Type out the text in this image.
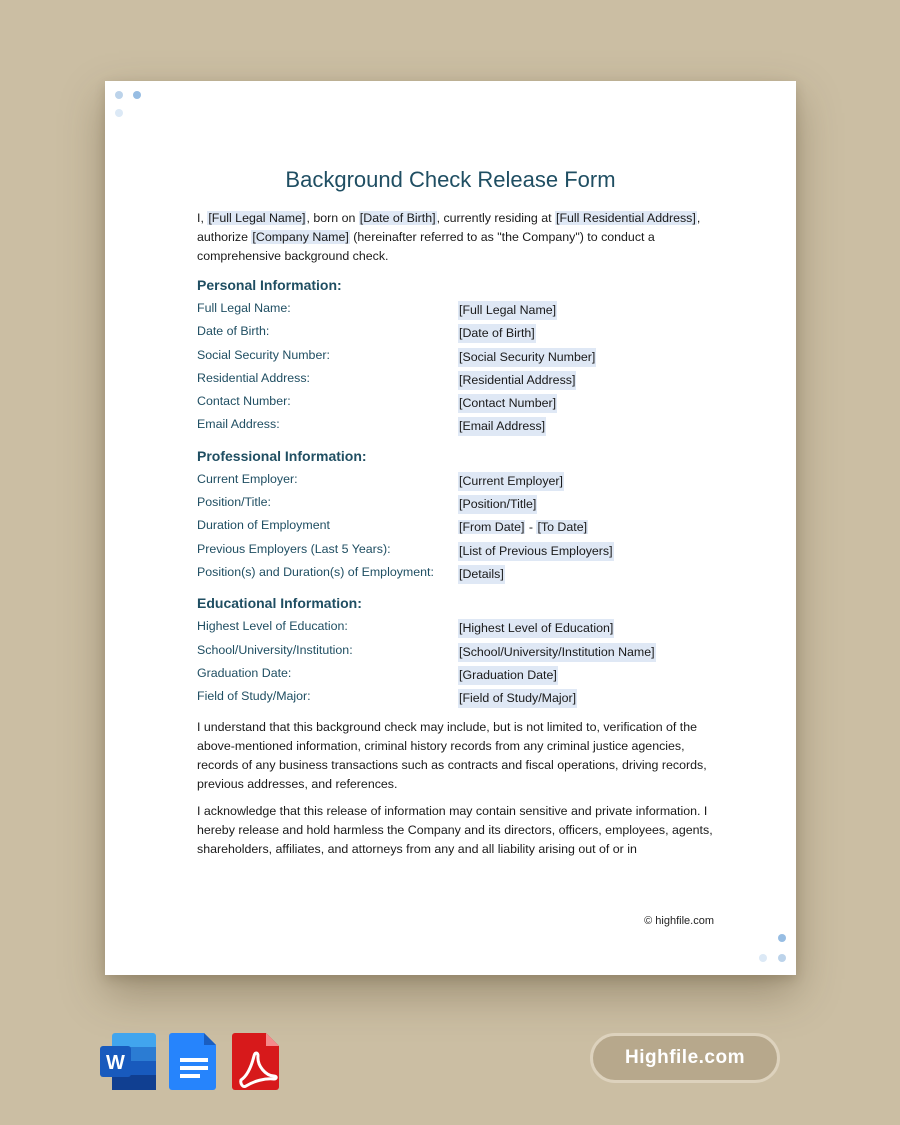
Background Check Release Form

I, [Full Legal Name], born on [Date of Birth], currently residing at [Full Residential Address], authorize [Company Name] (hereinafter referred to as "the Company") to conduct a comprehensive background check.

Personal Information:
Full Legal Name:	[Full Legal Name]
Date of Birth:	[Date of Birth]
Social Security Number:	[Social Security Number]
Residential Address:	[Residential Address]
Contact Number:	[Contact Number]
Email Address:	[Email Address]
Professional Information:
Current Employer:	[Current Employer]
Position/Title:	[Position/Title]
Duration of Employment	[From Date] - [To Date]
Previous Employers (Last 5 Years):	[List of Previous Employers]
Position(s) and Duration(s) of Employment: [Details]
Educational Information:
Highest Level of Education:	[Highest Level of Education]
School/University/Institution:	[School/University/Institution Name]
Graduation Date:	[Graduation Date]
Field of Study/Major:	[Field of Study/Major]

I understand that this background check may include, but is not limited to, verification of the above-mentioned information, criminal history records from any criminal justice agencies, records of any business transactions such as contracts and fiscal operations, driving records, previous addresses, and references.

I acknowledge that this release of information may contain sensitive and private information. I hereby release and hold harmless the Company and its directors, officers, employees, agents, shareholders, affiliates, and attorneys from any and all liability arising out of or in

© highfile.com
W	Highfile.com
